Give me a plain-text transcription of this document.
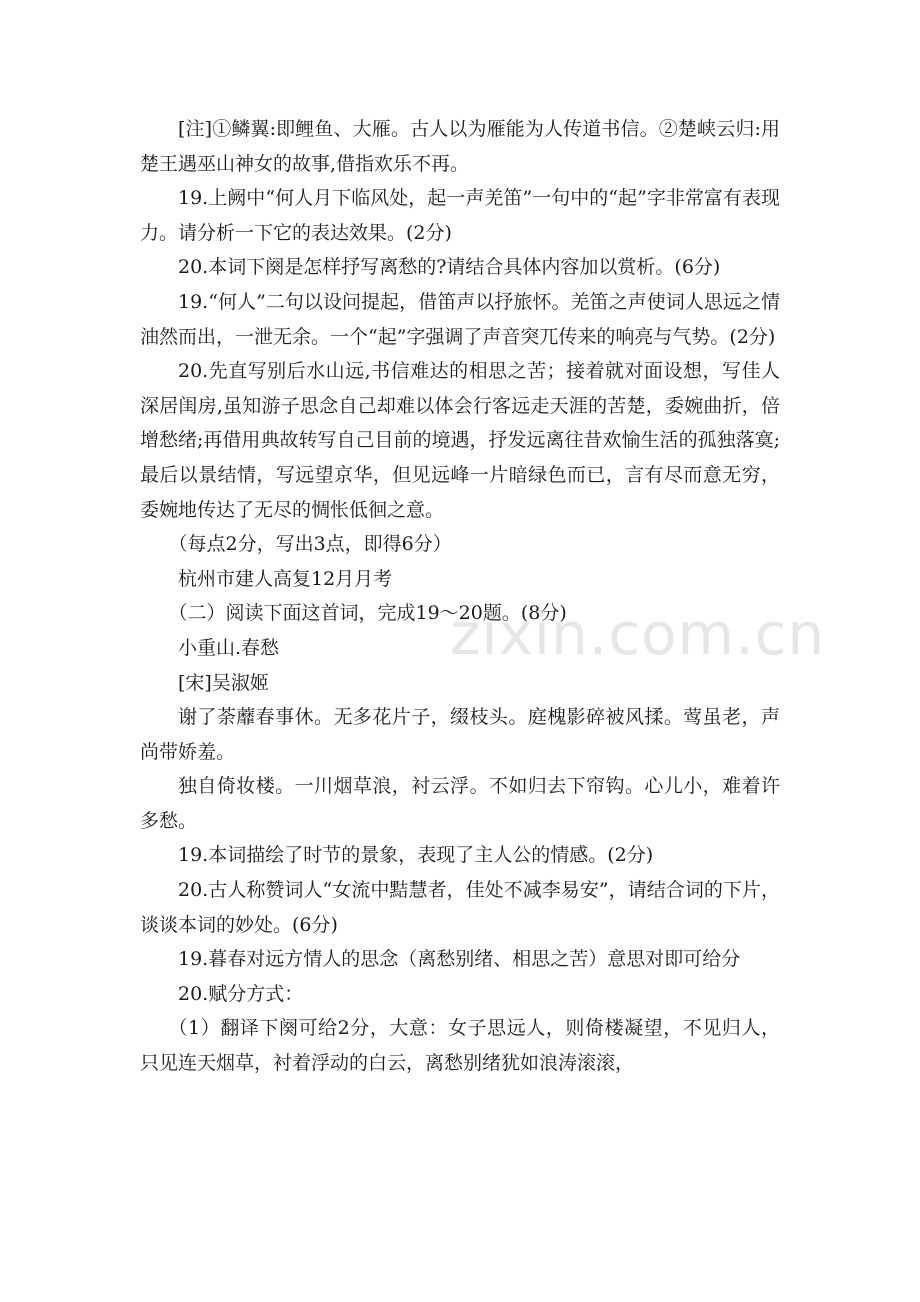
[注]①鳞翼:即鲤鱼、大雁。古人以为雁能为人传道书信。②楚峡云归:用楚王遇巫山神女的故事,借指欢乐不再。

19.上阙中“何人月下临风处，起一声羌笛”一句中的“起”字非常富有表现力。请分析一下它的表达效果。(2分)

20.本词下阕是怎样抒写离愁的?请结合具体内容加以赏析。(6分)

19.“何人”二句以设问提起，借笛声以抒旅怀。羌笛之声使词人思远之情油然而出，一泄无余。一个“起”字强调了声音突兀传来的响亮与气势。(2分)

20.先直写别后水山远,书信难达的相思之苦；接着就对面设想，写佳人深居闺房,虽知游子思念自己却难以体会行客远走天涯的苦楚，委婉曲折，倍增愁绪;再借用典故转写自己目前的境遇，抒发远离往昔欢愉生活的孤独落寞;最后以景结情，写远望京华，但见远峰一片暗绿色而已，言有尽而意无穷，委婉地传达了无尽的惆怅低徊之意。

（每点2分，写出3点，即得6分）

杭州市建人高复12月月考

（二）阅读下面这首词，完成19～20题。(8分)

小重山.春愁

[宋]吴淑姬

谢了荼蘼春事休。无多花片子，缀枝头。庭槐影碎被风揉。莺虽老，声尚带娇羞。

独自倚妆楼。一川烟草浪，衬云浮。不如归去下帘钩。心儿小，难着许多愁。

19.本词描绘了时节的景象，表现了主人公的情感。(2分)

20.古人称赞词人“女流中黠慧者，佳处不减李易安”，请结合词的下片，谈谈本词的妙处。(6分)

19.暮春对远方情人的思念（离愁别绪、相思之苦）意思对即可给分

20.赋分方式：

（1）翻译下阕可给2分，大意：女子思远人，则倚楼凝望，不见归人，只见连天烟草，衬着浮动的白云，离愁别绪犹如浪涛滚滚，

zixin.com.cn
